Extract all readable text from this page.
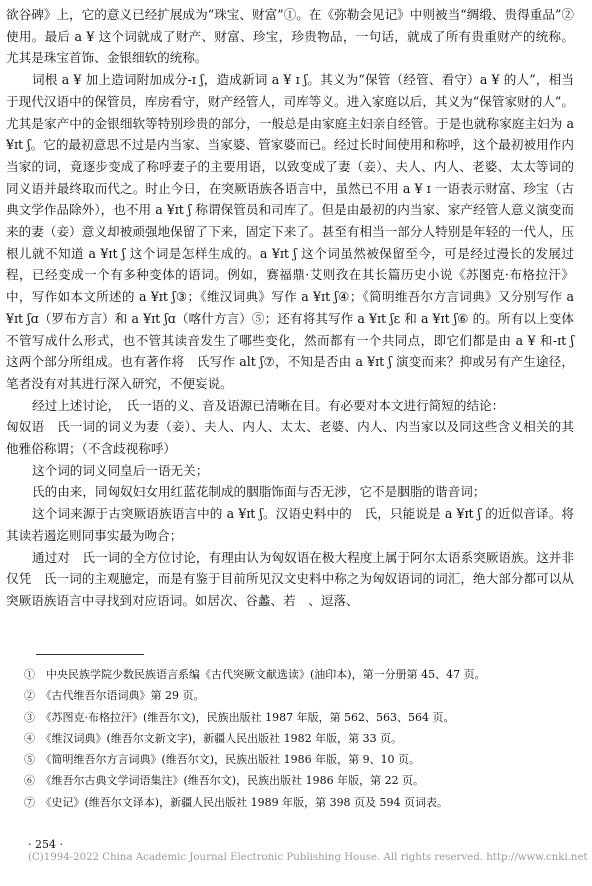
欲谷碑》上，它的意义已经扩展成为“珠宝、财富”①。在《弥勒会见记》中则被当“绸缎、贵得重品”② 使用。最后 a ¥ 这个词就成了财产、财富、珍宝，珍贵物品，一句话，就成了所有贵重财产的统称。尤其是珠宝首饰、金银细软的统称。

词根 a ¥ 加上造词附加成分-ɪ ʃ，造成新词 a ¥ ɪ ʃ。其义为“保管（经管、看守）a ¥ 的人”，相当于现代汉语中的保管员，库房看守，财产经管人，司库等义。进入家庭以后，其义为“保管家财的人”。尤其是家产中的金银细软等特别珍贵的部分，一般总是由家庭主妇亲自经管。于是也就称家庭主妇为 a ¥ɪt ʃ。它的最初意思不过是内当家、当家婆、管家婆而已。经过长时间使用和称呼，这个最初被用作内当家的词，竟逐步变成了称呼妻子的主要用语，以致变成了妻（妾）、夫人、内人、老婆、太太等词的同义语并最终取而代之。时止今日，在突厥语族各语言中，虽然已不用 a ¥ ɪ 一语表示财富、珍宝（古典文学作品除外），也不用 a ¥ɪt ʃ 称谓保管员和司库了。但是由最初的内当家、家产经管人意义演变而来的妻（妾）意义却被顽强地保留了下来，固定下来了。甚至有相当一部分人特别是年轻的一代人，压根儿就不知道 a ¥ɪt ʃ 这个词是怎样生成的。a ¥ɪt ʃ 这个词虽然被保留至今，可是经过漫长的发展过程，已经变成一个有多种变体的语词。例如，赛福鼎·艾则孜在其长篇历史小说《苏图克·布格拉汗》中，写作如本文所述的 a ¥ɪt ʃ③；《维汉词典》写作 a ¥ɪt ʃ④；《简明维吾尔方言词典》又分别写作 a ¥ɪt ʃɑ（罗布方言）和 a ¥ɪt ʃɑ（喀什方言）⑤；还有将其写作 a ¥ɪt ʃε 和 a ¥ɪt ʃ⑥ 的。所有以上变体不管写成什么形式，也不管其读音发生了哪些变化，然而都有一个共同点，即它们都是由 a ¥ 和-ɪt ʃ 这两个部分所组成。也有著作将　氏写作 alt ʃ⑦，不知是否由 a ¥ɪt ʃ 演变而来？抑或另有产生途径，笔者没有对其进行深入研究，不便妄说。

经过上述讨论，　氏一语的义、音及语源已清晰在目。有必要对本文进行简短的结论：

匈奴语　氏一词的词义为妻（妾）、夫人、内人、太太、老婆、内人、内当家以及同这些含义相关的其他雅俗称谓；（不含歧视称呼）

这个词的词义同皇后一语无关；

氏的由来，同匈奴妇女用红蓝花制成的胭脂饰面与否无涉，它不是胭脂的谐音词；

这个词来源于古突厥语族语言中的 a ¥ɪt ʃ。汉语史料中的　氏，只能说是 a ¥ɪt ʃ 的近似音译。将其读若遏迄则同事实最为吻合；

通过对　氏一词的全方位讨论，有理由认为匈奴语在极大程度上属于阿尔太语系突厥语族。这并非仅凭　氏一词的主观臆定，而是有鉴于目前所见汉文史料中称之为匈奴语词的词汇，绝大部分都可以从突厥语族语言中寻找到对应语词。如居次、谷蠡、若　、逗落、

①　中央民族学院少数民族语言系编《古代突厥文献选读》(油印本)，第一分册第 45、47 页。

②　《古代维吾尔语词典》第 29 页。

③　《苏图克·布格拉汗》(维吾尔文)，民族出版社 1987 年版，第 562、563、564 页。

④　《维汉词典》(维吾尔文新文字)，新疆人民出版社 1982 年版，第 33 页。

⑤　《简明维吾尔方言词典》(维吾尔文)，民族出版社 1986 年版，第 9、10 页。

⑥　《维吾尔古典文学词语集注》(维吾尔文)，民族出版社 1986 年版，第 22 页。

⑦　《史记》(维吾尔文译本)，新疆人民出版社 1989 年版，第 398 页及 594 页词表。

· 254 ·
(C)1994-2022 China Academic Journal Electronic Publishing House. All rights reserved. http://www.cnki.net
